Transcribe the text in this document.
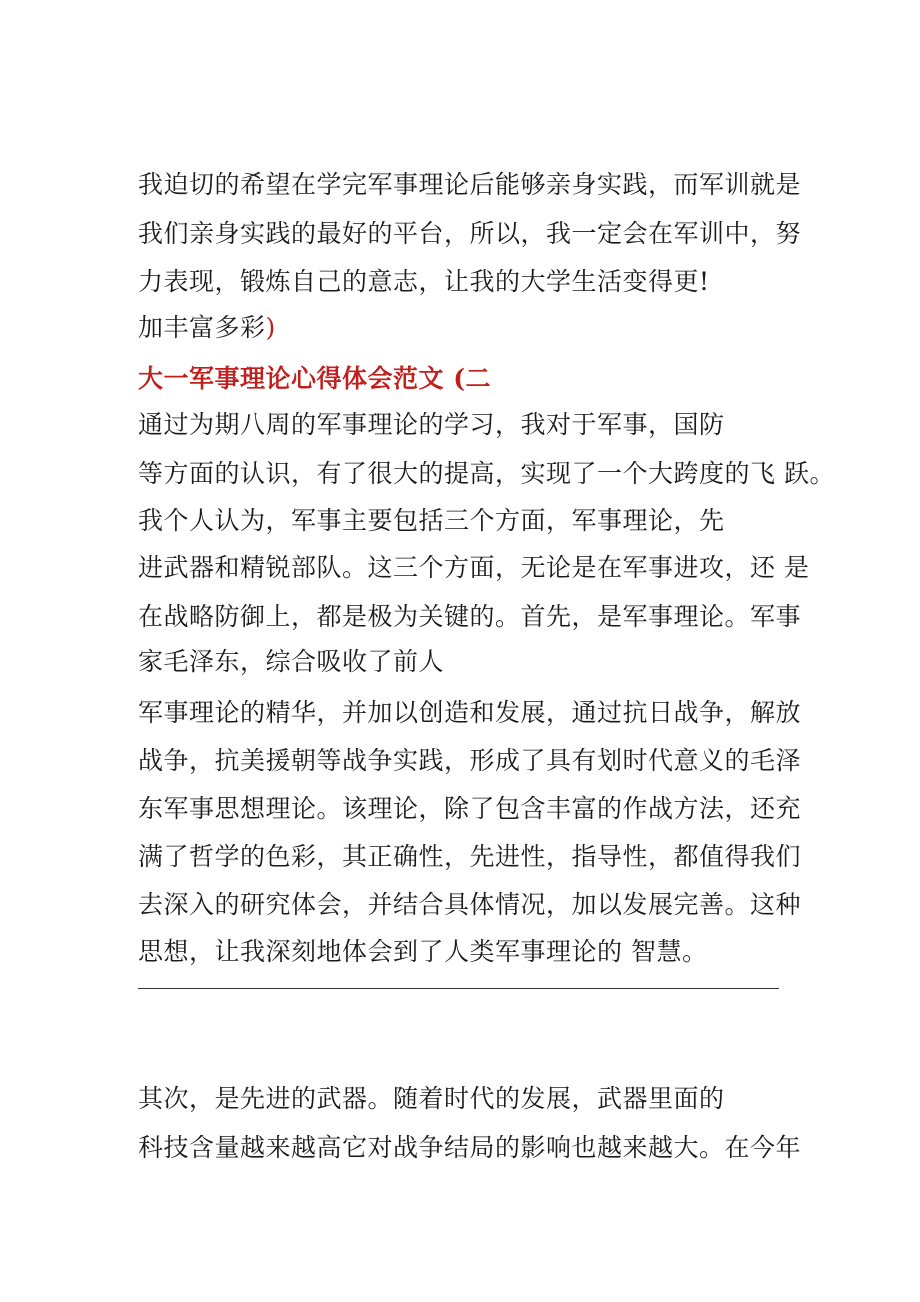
我迫切的希望在学完军事理论后能够亲身实践，而军训就是
我们亲身实践的最好的平台，所以，我一定会在军训中，努
力表现，锻炼自己的意志，让我的大学生活变得更!
加丰富多彩)
大一军事理论心得体会范文 (二
通过为期八周的军事理论的学习，我对于军事，国防
等方面的认识，有了很大的提高，实现了一个大跨度的飞 跃。
我个人认为，军事主要包括三个方面，军事理论，先
进武器和精锐部队。这三个方面，无论是在军事进攻，还 是
在战略防御上，都是极为关键的。首先，是军事理论。军事
家毛泽东，综合吸收了前人
军事理论的精华，并加以创造和发展，通过抗日战争，解放
战争，抗美援朝等战争实践，形成了具有划时代意义的毛泽
东军事思想理论。该理论，除了包含丰富的作战方法，还充
满了哲学的色彩，其正确性，先进性，指导性，都值得我们
去深入的研究体会，并结合具体情况，加以发展完善。这种
思想，让我深刻地体会到了人类军事理论的 智慧。
其次，是先进的武器。随着时代的发展，武器里面的
科技含量越来越高它对战争结局的影响也越来越大。在今年
